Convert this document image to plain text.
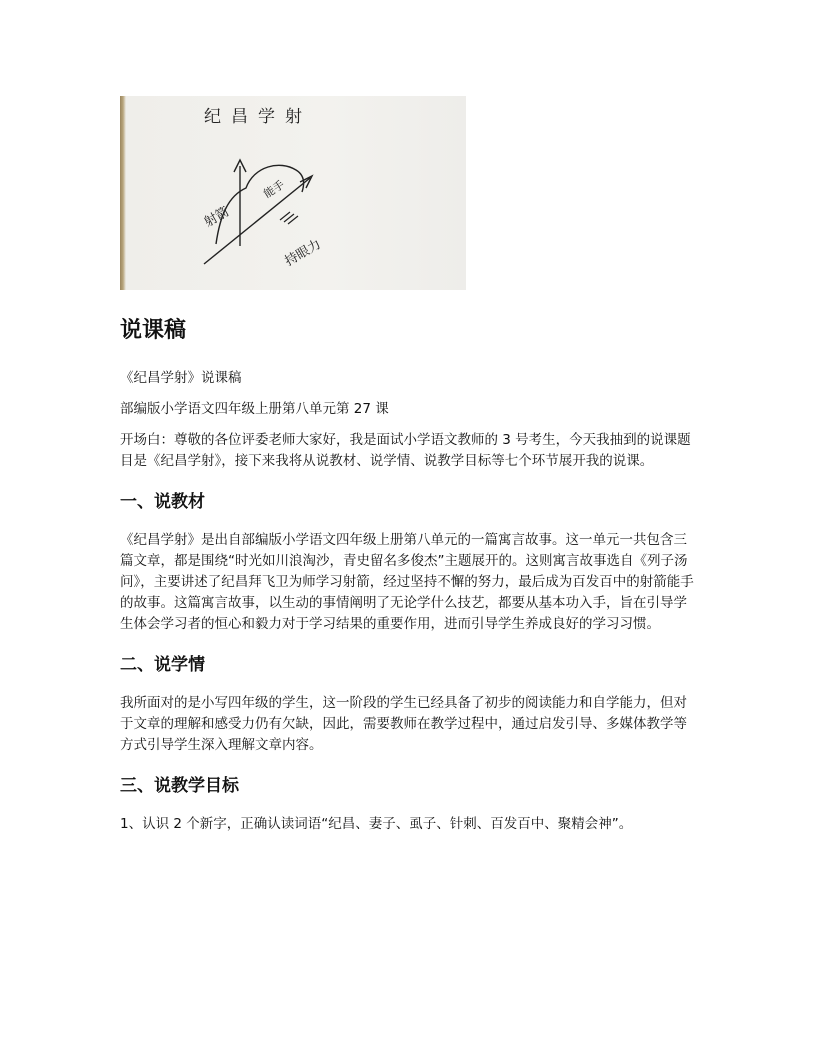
纪昌学射
射箭
能手
持眼力
说课稿

《纪昌学射》说课稿

部编版小学语文四年级上册第八单元第 27 课

开场白：尊敬的各位评委老师大家好，我是面试小学语文教师的 3 号考生，今天我抽到的说课题目是《纪昌学射》，接下来我将从说教材、说学情、说教学目标等七个环节展开我的说课。

一、说教材

《纪昌学射》是出自部编版小学语文四年级上册第八单元的一篇寓言故事。这一单元一共包含三篇文章，都是围绕“时光如川浪淘沙，青史留名多俊杰”主题展开的。这则寓言故事选自《列子汤问》，主要讲述了纪昌拜飞卫为师学习射箭，经过坚持不懈的努力，最后成为百发百中的射箭能手的故事。这篇寓言故事，以生动的事情阐明了无论学什么技艺，都要从基本功入手，旨在引导学生体会学习者的恒心和毅力对于学习结果的重要作用，进而引导学生养成良好的学习习惯。

二、说学情

我所面对的是小写四年级的学生，这一阶段的学生已经具备了初步的阅读能力和自学能力，但对于文章的理解和感受力仍有欠缺，因此，需要教师在教学过程中，通过启发引导、多媒体教学等方式引导学生深入理解文章内容。

三、说教学目标

1、认识 2 个新字，正确认读词语“纪昌、妻子、虱子、针刺、百发百中、聚精会神”。
